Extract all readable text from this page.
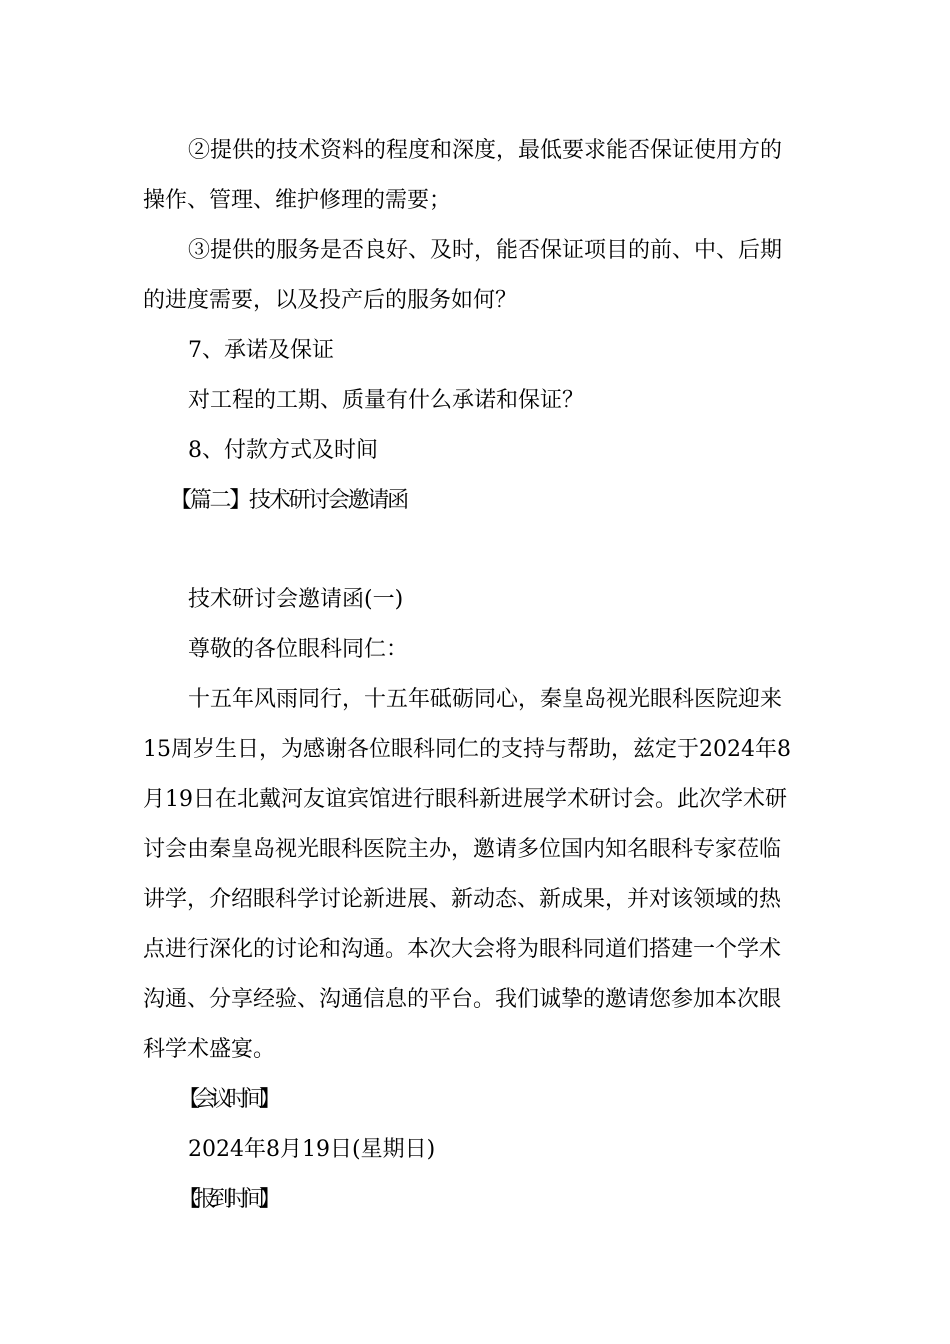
②提供的技术资料的程度和深度，最低要求能否保证使用方的
操作、管理、维护修理的需要；
③提供的服务是否良好、及时，能否保证项目的前、中、后期
的进度需要，以及投产后的服务如何？
7、承诺及保证
对工程的工期、质量有什么承诺和保证？
8、付款方式及时间
【篇二】技术研讨会邀请函
技术研讨会邀请函(一)
尊敬的各位眼科同仁：
十五年风雨同行，十五年砥砺同心，秦皇岛视光眼科医院迎来
15周岁生日，为感谢各位眼科同仁的支持与帮助，兹定于2024年8
月19日在北戴河友谊宾馆进行眼科新进展学术研讨会。此次学术研
讨会由秦皇岛视光眼科医院主办，邀请多位国内知名眼科专家莅临
讲学，介绍眼科学讨论新进展、新动态、新成果，并对该领域的热
点进行深化的讨论和沟通。本次大会将为眼科同道们搭建一个学术
沟通、分享经验、沟通信息的平台。我们诚挚的邀请您参加本次眼
科学术盛宴。
【会议时间】
2024年8月19日(星期日)
【报到时间】
